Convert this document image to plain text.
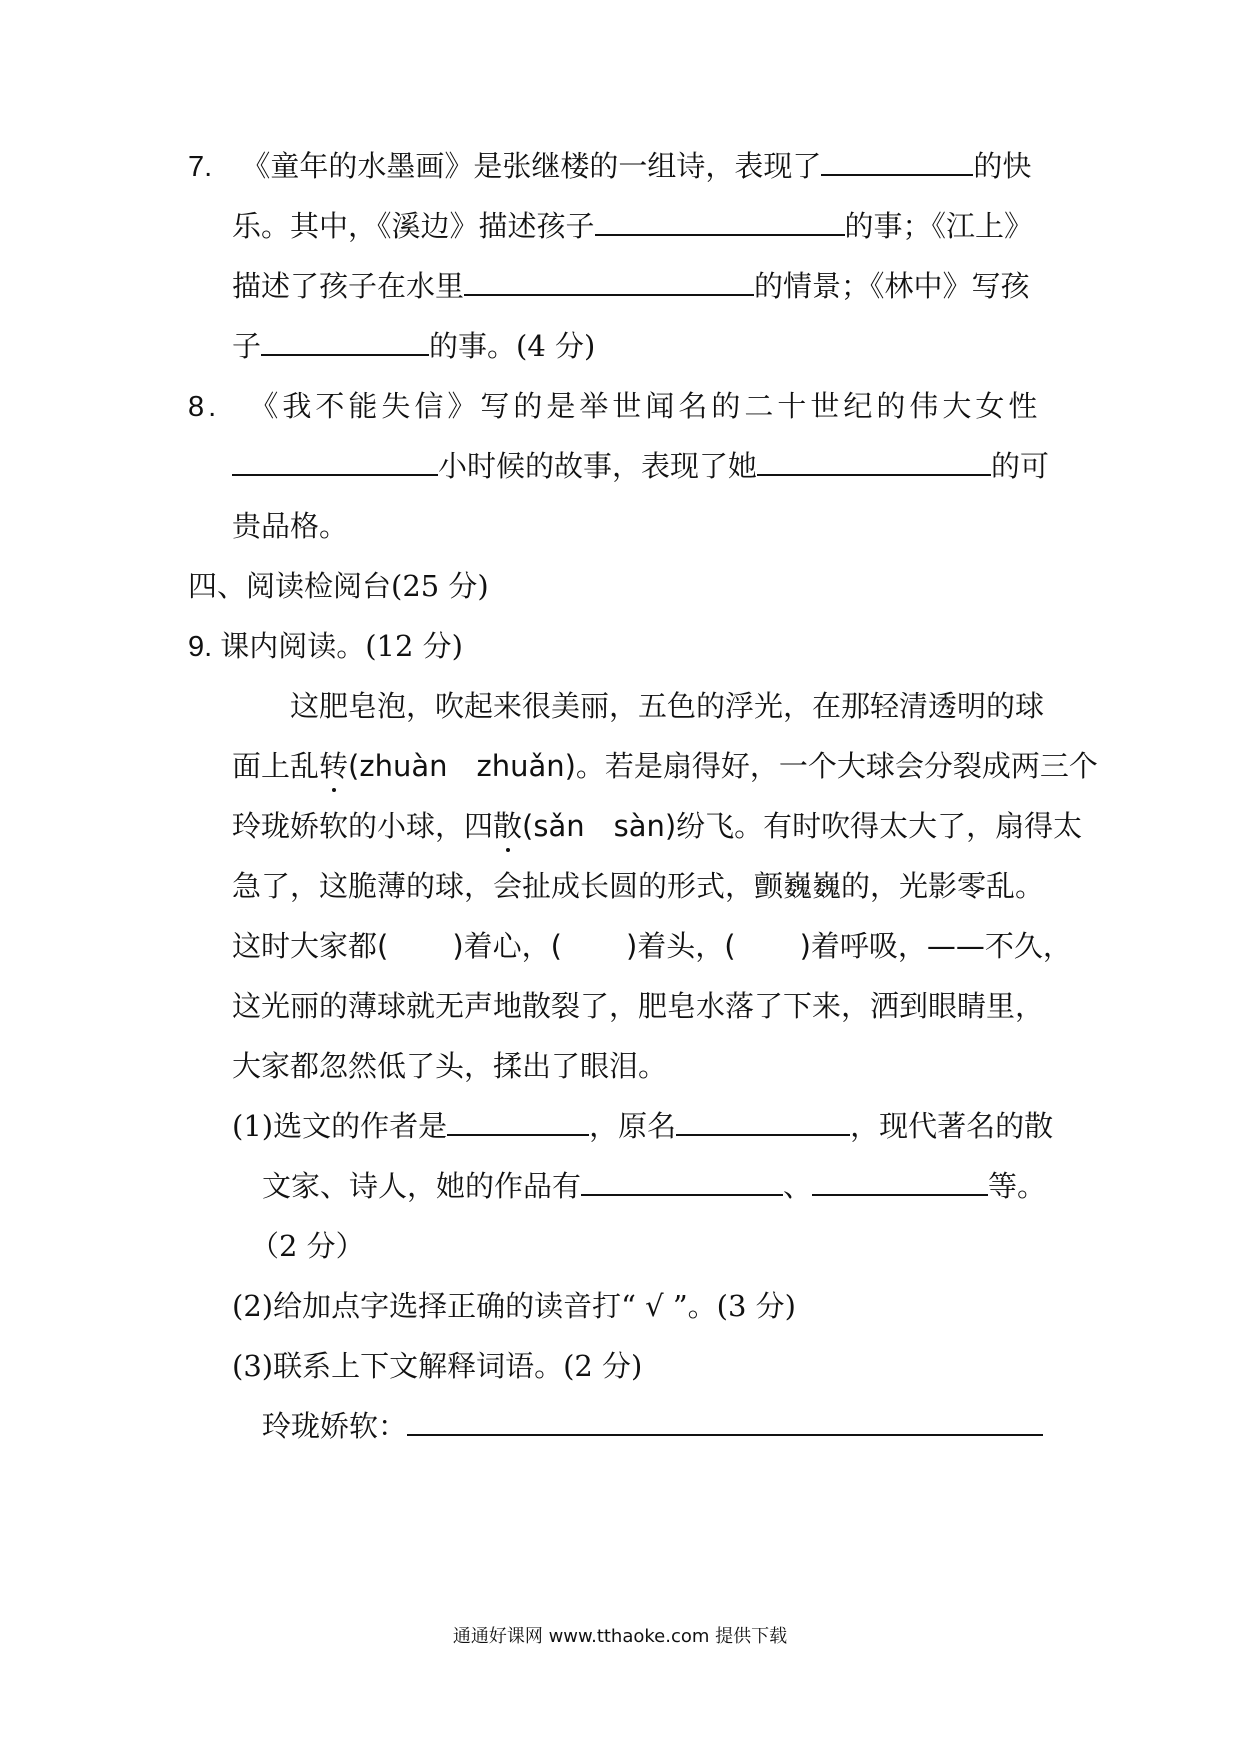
7. 《童年的水墨画》是张继楼的一组诗，表现了	的快
乐。其中，《溪边》描述孩子	的事；《江上》
描述了孩子在水里	的情景；《林中》写孩
子	的事。(4 分)
8. 《我不能失信》写的是举世闻名的二十世纪的伟大女性
小时候的故事，表现了她	的可
贵品格。
四、阅读检阅台(25 分)
9. 课内阅读。(12 分)
这肥皂泡，吹起来很美丽，五色的浮光，在那轻清透明的球
面上乱转(zhuàn　zhuǎn)。若是扇得好，一个大球会分裂成两三个
玲珑娇软的小球，四散(sǎn　sàn)纷飞。有时吹得太大了，扇得太
急了，这脆薄的球，会扯成长圆的形式，颤巍巍的，光影零乱。
这时大家都( )着心，( )着头，( )着呼吸，——不久，
这光丽的薄球就无声地散裂了，肥皂水落了下来，洒到眼睛里，
大家都忽然低了头，揉出了眼泪。
(1)选文的作者是	，原名	，现代著名的散
文家、诗人，她的作品有	、	等。
（2 分）
(2)给加点字选择正确的读音打“ √ ”。(3 分)
(3)联系上下文解释词语。(2 分)
玲珑娇软：
通通好课网 www.tthaoke.com 提供下载
